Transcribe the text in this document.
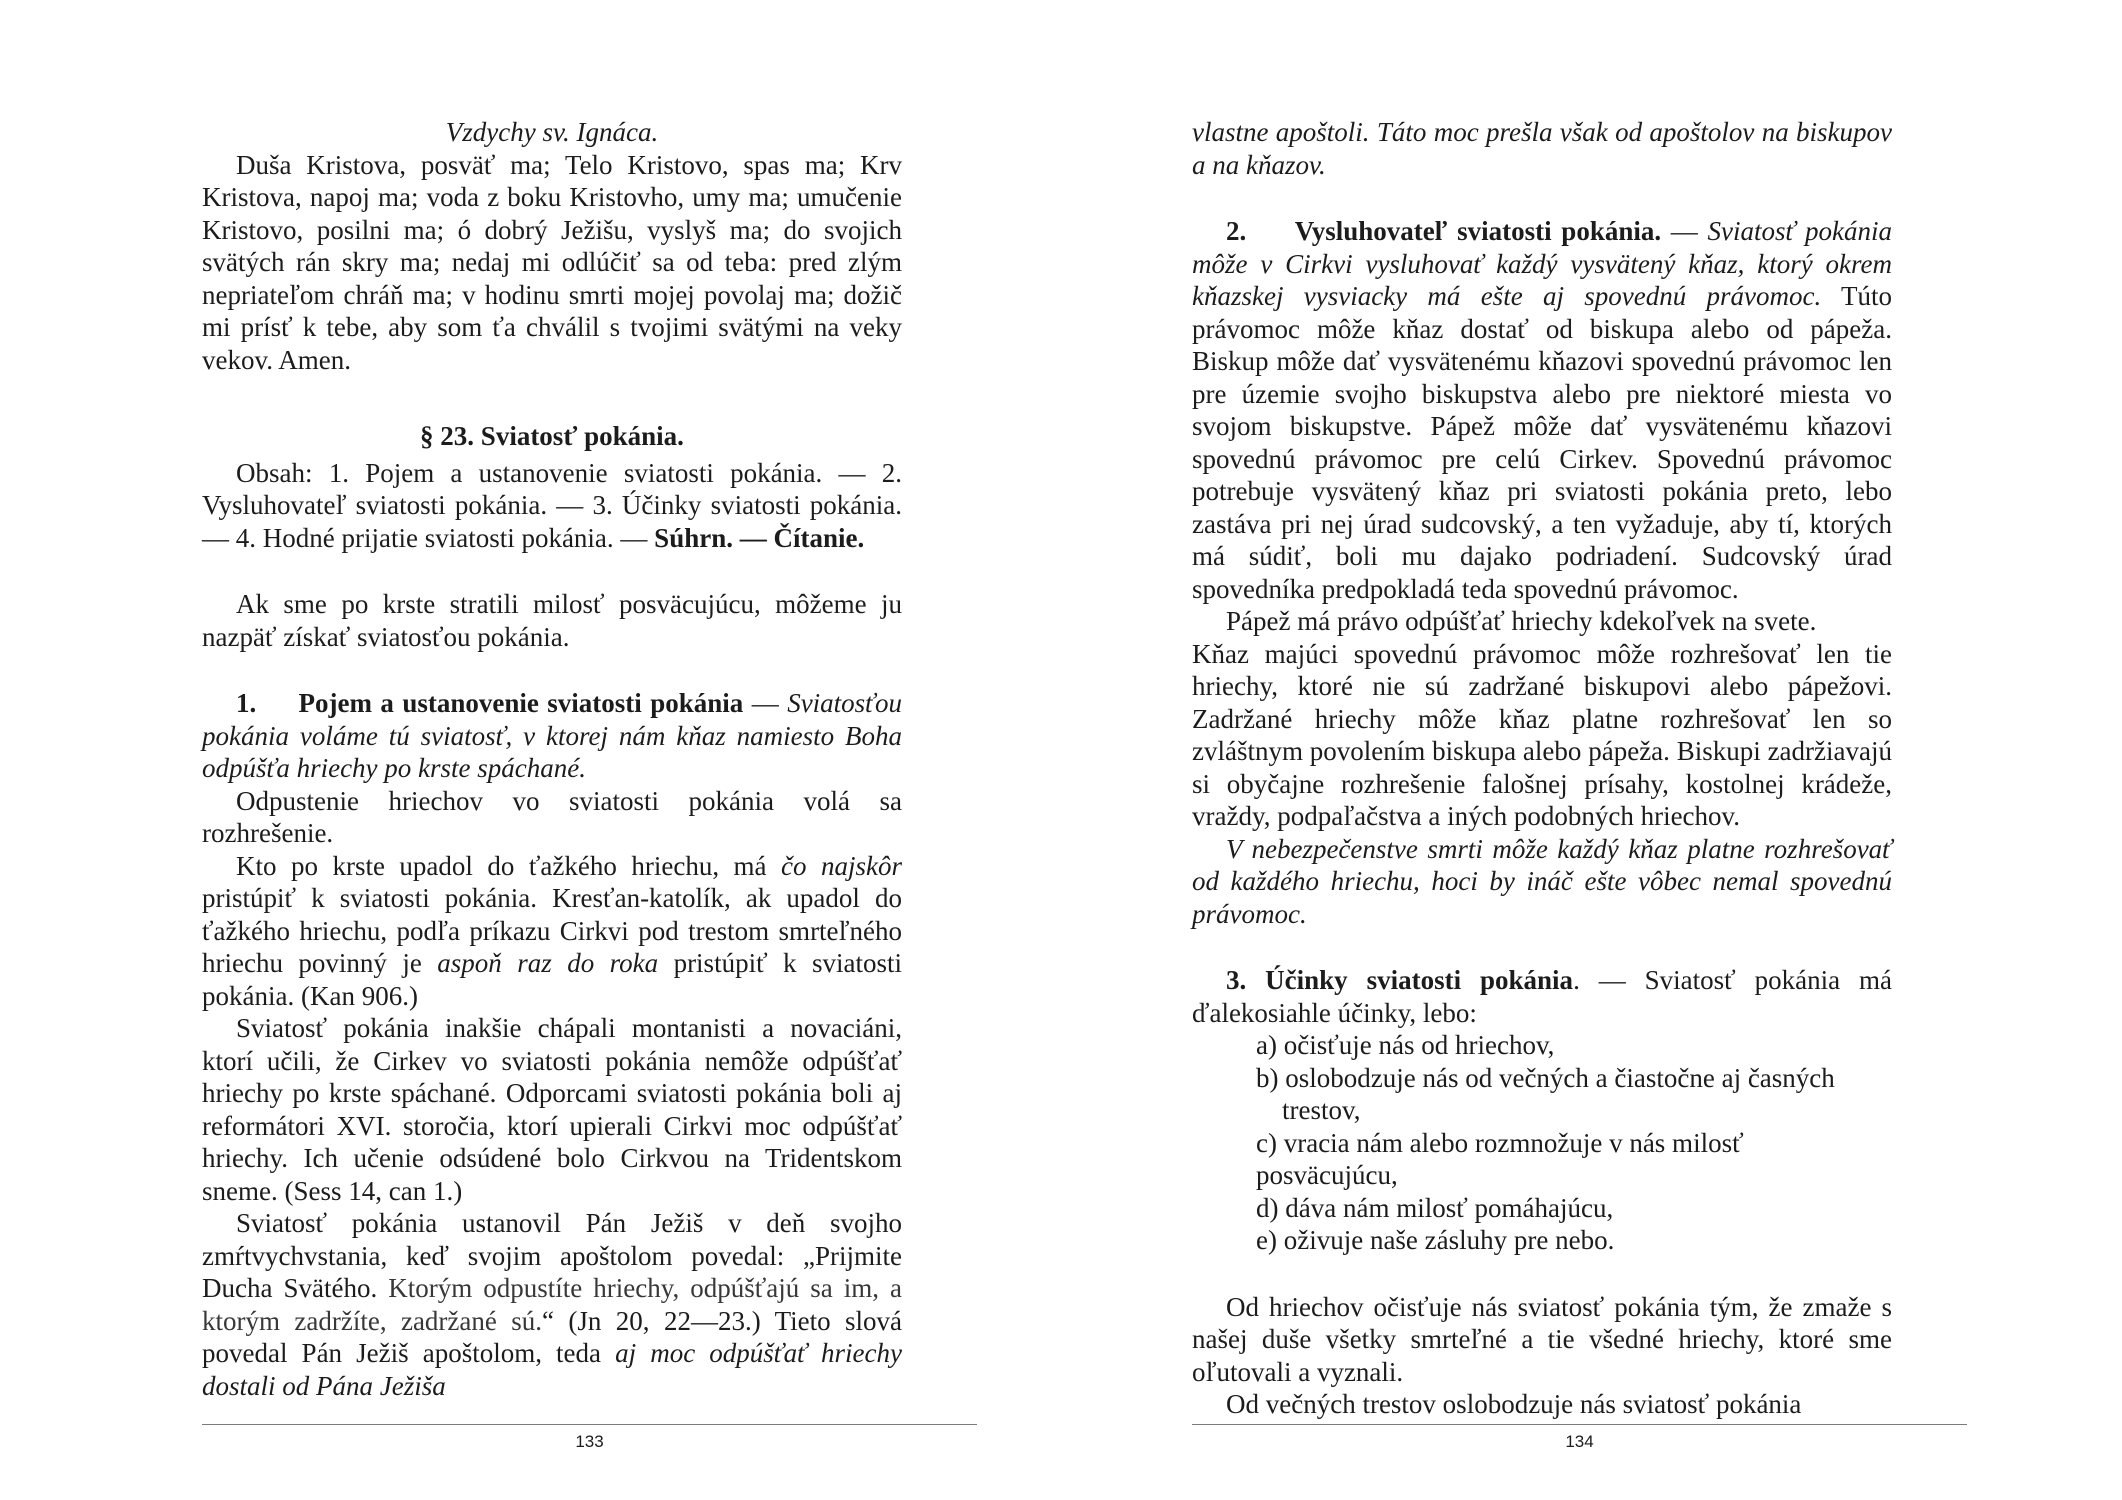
Vzdychy sv. Ignáca.

Duša Kristova, posväť ma; Telo Kristovo, spas ma; Krv Kristova, napoj ma; voda z boku Kristovho, umy ma; umučenie Kristovo, posilni ma; ó dobrý Ježišu, vyslyš ma; do svojich svätých rán skry ma; nedaj mi odlúčiť sa od teba: pred zlým nepriateľom chráň ma; v hodinu smrti mojej povolaj ma; dožič mi prísť k tebe, aby som ťa chválil s tvojimi svätými na veky vekov. Amen.

§ 23. Sviatosť pokánia.

Obsah: 1. Pojem a ustanovenie sviatosti pokánia. — 2. Vysluhovateľ sviatosti pokánia. — 3. Účinky sviatosti pokánia. — 4. Hodné prijatie sviatosti pokánia. — Súhrn. — Čítanie.

Ak sme po krste stratili milosť posväcujúcu, môžeme ju nazpäť získať sviatosťou pokánia.

1. Pojem a ustanovenie sviatosti pokánia — Sviatosťou pokánia voláme tú sviatosť, v ktorej nám kňaz namiesto Boha odpúšťa hriechy po krste spáchané.

Odpustenie hriechov vo sviatosti pokánia volá sa rozhrešenie.

Kto po krste upadol do ťažkého hriechu, má čo najskôr pristúpiť k sviatosti pokánia. Kresťan-katolík, ak upadol do ťažkého hriechu, podľa príkazu Cirkvi pod trestom smrteľného hriechu povinný je aspoň raz do roka pristúpiť k sviatosti pokánia. (Kan 906.)

Sviatosť pokánia inakšie chápali montanisti a novaciáni, ktorí učili, že Cirkev vo sviatosti pokánia nemôže odpúšťať hriechy po krste spáchané. Odporcami sviatosti pokánia boli aj reformátori XVI. storočia, ktorí upierali Cirkvi moc odpúšťať hriechy. Ich učenie odsúdené bolo Cirkvou na Tridentskom sneme. (Sess 14, can 1.)

Sviatosť pokánia ustanovil Pán Ježiš v deň svojho zmŕtvychvstania, keď svojim apoštolom povedal: „Prijmite Ducha Svätého. Ktorým odpustíte hriechy, odpúšťajú sa im, a ktorým zadržíte, zadržané sú.“ (Jn 20, 22—23.) Tieto slová povedal Pán Ježiš apoštolom, teda aj moc odpúšťať hriechy dostali od Pána Ježiša

133

vlastne apoštoli. Táto moc prešla však od apoštolov na biskupov a na kňazov.

2. Vysluhovateľ sviatosti pokánia. — Sviatosť pokánia môže v Cirkvi vysluhovať každý vysvätený kňaz, ktorý okrem kňazskej vysviacky má ešte aj spovednú právomoc. Túto právomoc môže kňaz dostať od biskupa alebo od pápeža. Biskup môže dať vysvätenému kňazovi spovednú právomoc len pre územie svojho biskupstva alebo pre niektoré miesta vo svojom biskupstve. Pápež môže dať vysvätenému kňazovi spovednú právomoc pre celú Cirkev. Spovednú právomoc potrebuje vysvätený kňaz pri sviatosti pokánia preto, lebo zastáva pri nej úrad sudcovský, a ten vyžaduje, aby tí, ktorých má súdiť, boli mu dajako podriadení. Sudcovský úrad spovedníka predpokladá teda spovednú právomoc.

Pápež má právo odpúšťať hriechy kdekoľvek na svete.

Kňaz majúci spovednú právomoc môže rozhrešovať len tie hriechy, ktoré nie sú zadržané biskupovi alebo pápežovi. Zadržané hriechy môže kňaz platne rozhrešovať len so zvláštnym povolením biskupa alebo pápeža. Biskupi zadržiavajú si obyčajne rozhrešenie falošnej prísahy, kostolnej krádeže, vraždy, podpaľačstva a iných podobných hriechov.

V nebezpečenstve smrti môže každý kňaz platne rozhrešovať od každého hriechu, hoci by ináč ešte vôbec nemal spovednú právomoc.

3. Účinky sviatosti pokánia. — Sviatosť pokánia má ďalekosiahle účinky, lebo:

a) očisťuje nás od hriechov,
b) oslobodzuje nás od večných a čiastočne aj časných trestov,
c) vracia nám alebo rozmnožuje v nás milosť posväcujúcu,
d) dáva nám milosť pomáhajúcu,
e) oživuje naše zásluhy pre nebo.

Od hriechov očisťuje nás sviatosť pokánia tým, že zmaže s našej duše všetky smrteľné a tie všedné hriechy, ktoré sme oľutovali a vyznali.

Od večných trestov oslobodzuje nás sviatosť pokánia

134
